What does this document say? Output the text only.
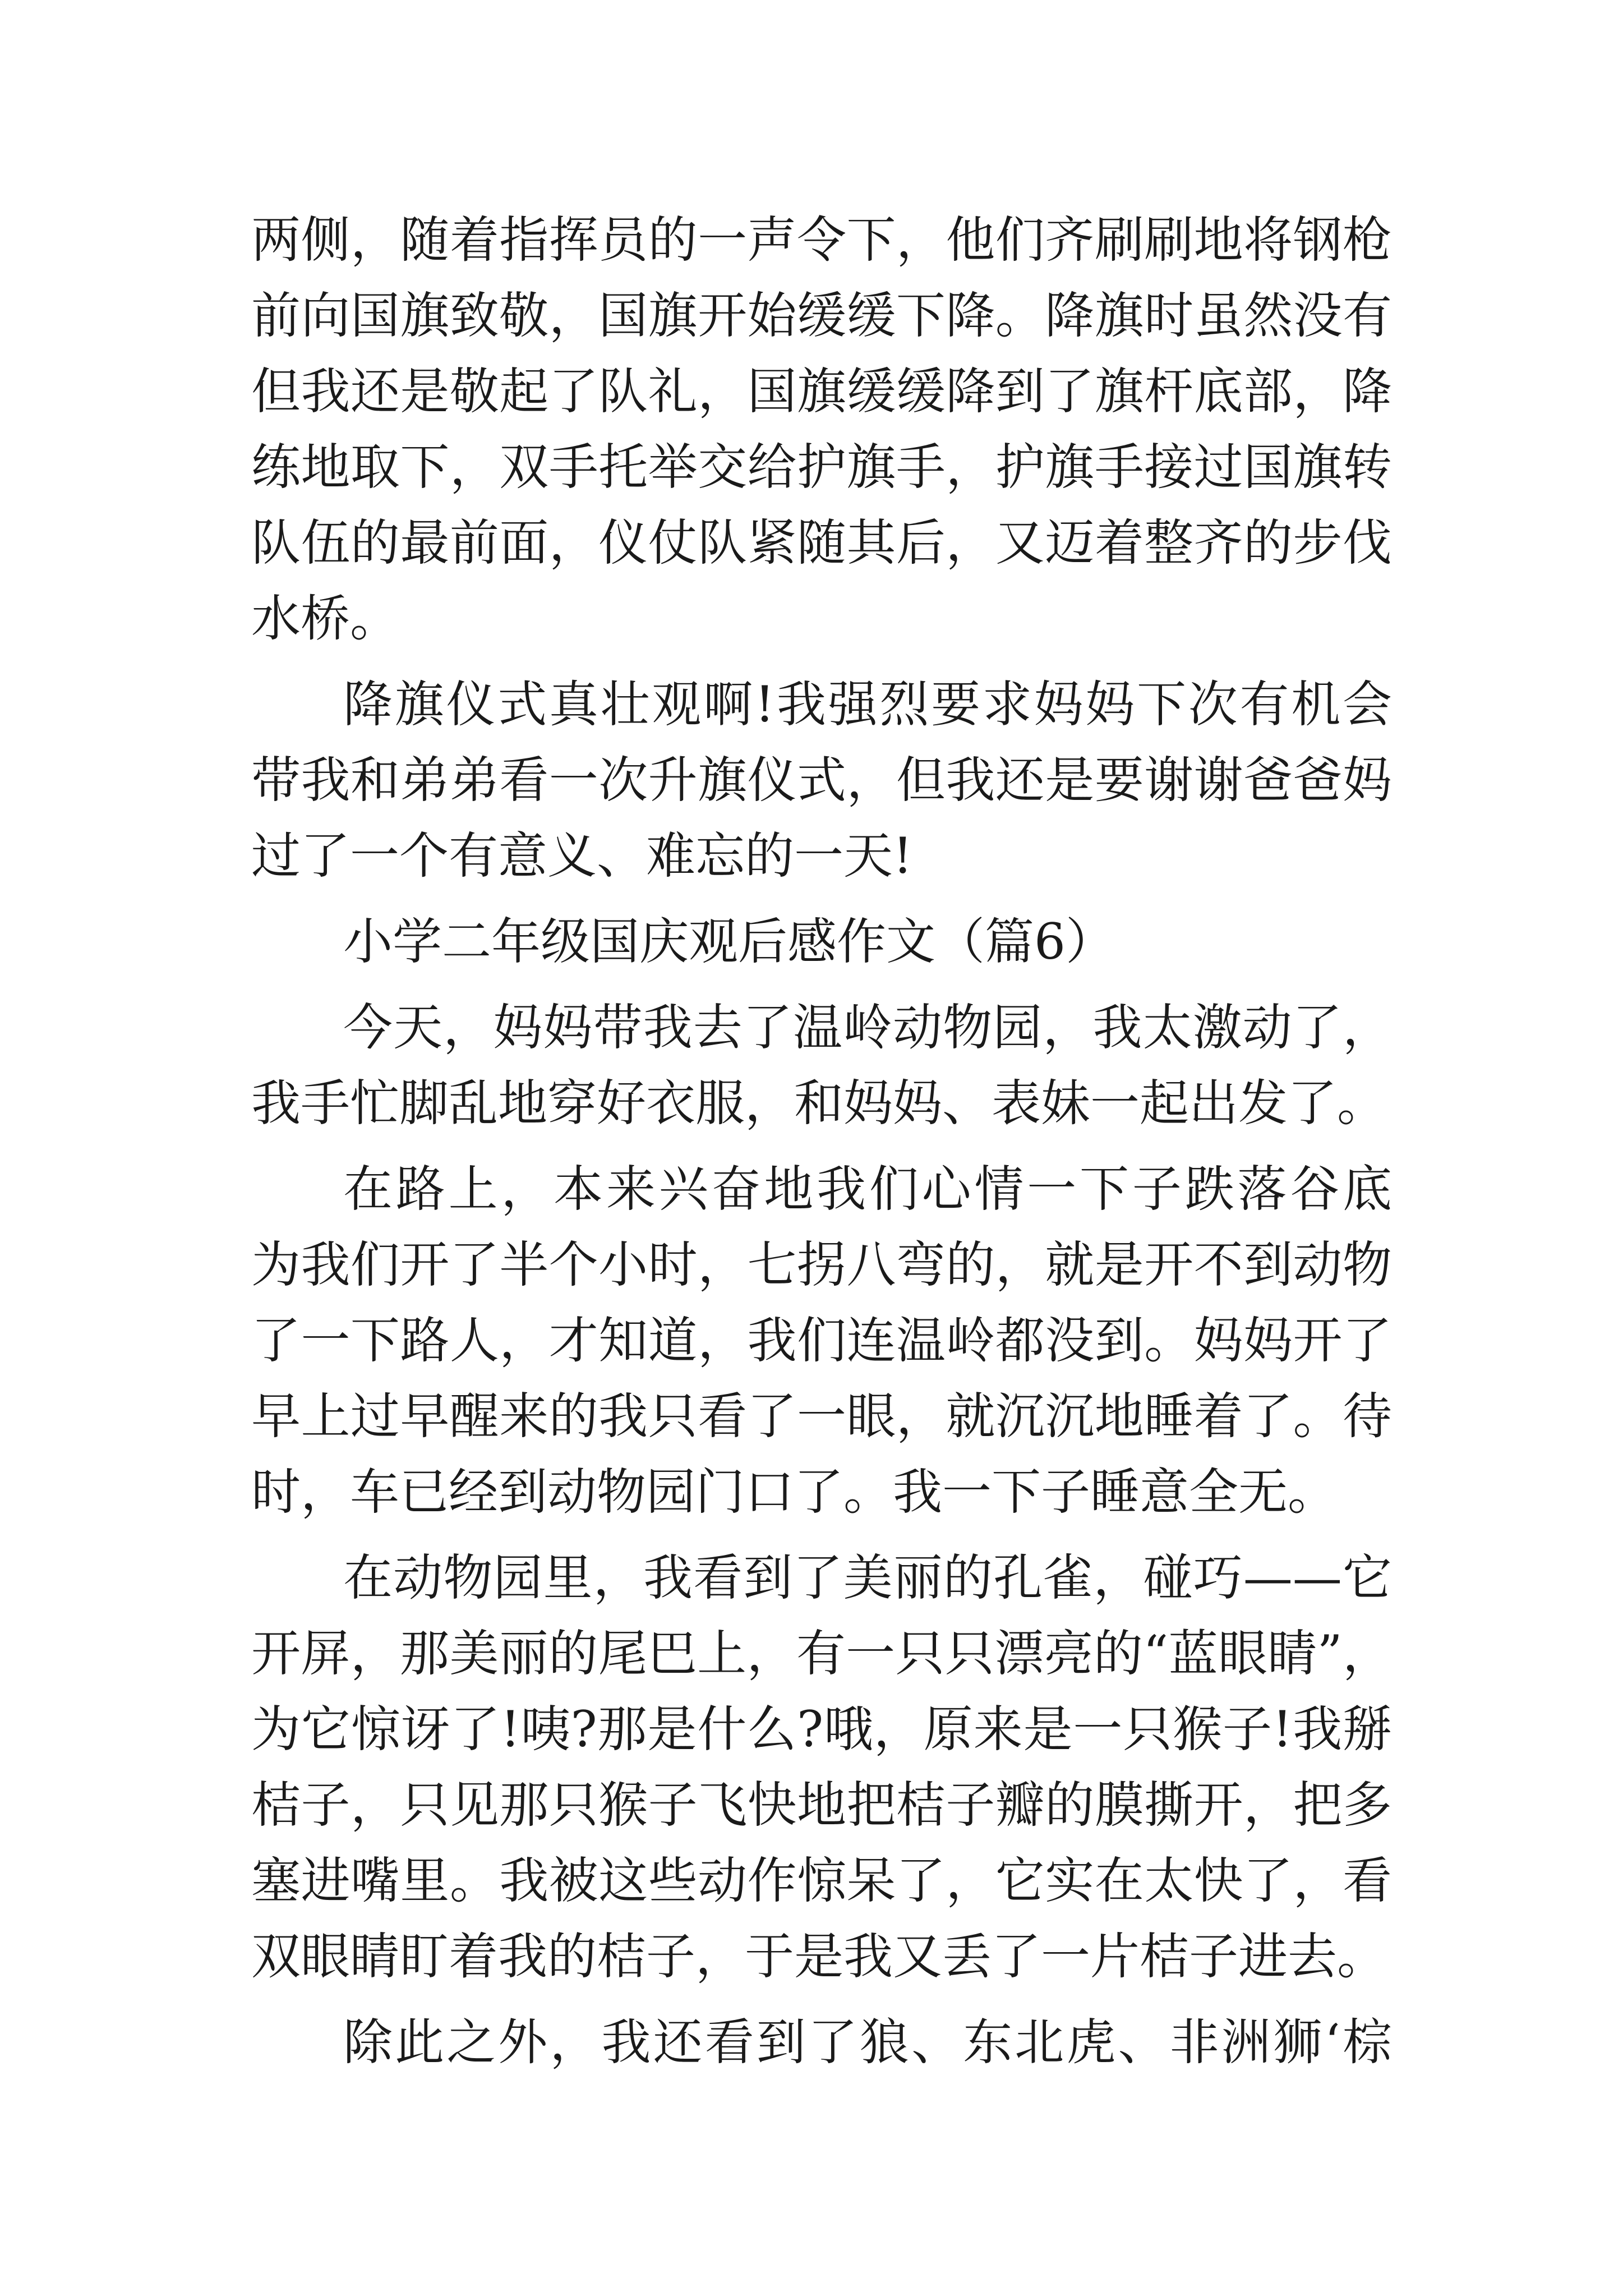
两侧，随着指挥员的一声令下，他们齐刷刷地将钢枪
前向国旗致敬，国旗开始缓缓下降。降旗时虽然没有
但我还是敬起了队礼，国旗缓缓降到了旗杆底部，降
练地取下，双手托举交给护旗手，护旗手接过国旗转
队伍的最前面，仪仗队紧随其后，又迈着整齐的步伐
水桥。
降旗仪式真壮观啊!我强烈要求妈妈下次有机会
带我和弟弟看一次升旗仪式，但我还是要谢谢爸爸妈
过了一个有意义、难忘的一天!
小学二年级国庆观后感作文（篇6）
今天，妈妈带我去了温岭动物园，我太激动了，
我手忙脚乱地穿好衣服，和妈妈、表妹一起出发了。
在路上，本来兴奋地我们心情一下子跌落谷底
为我们开了半个小时，七拐八弯的，就是开不到动物
了一下路人，才知道，我们连温岭都没到。妈妈开了
早上过早醒来的我只看了一眼，就沉沉地睡着了。待
时，车已经到动物园门口了。我一下子睡意全无。
在动物园里，我看到了美丽的孔雀，碰巧——它
开屏，那美丽的尾巴上，有一只只漂亮的“蓝眼睛”，
为它惊讶了!咦?那是什么?哦，原来是一只猴子!我掰
桔子，只见那只猴子飞快地把桔子瓣的膜撕开，把多
塞进嘴里。我被这些动作惊呆了，它实在太快了，看
双眼睛盯着我的桔子，于是我又丢了一片桔子进去。
除此之外，我还看到了狼、东北虎、非洲狮‘棕
